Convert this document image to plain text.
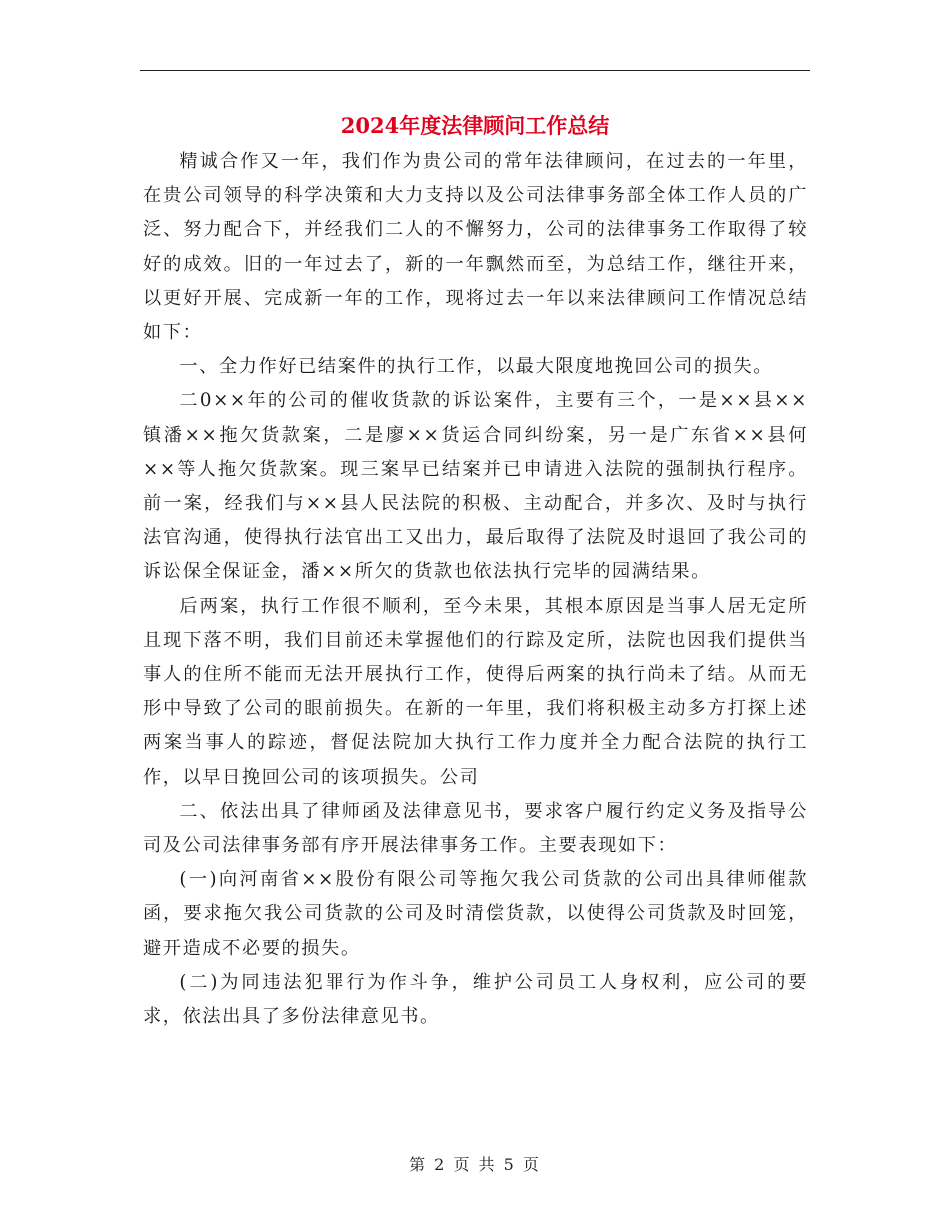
2024年度法律顾问工作总结

精诚合作又一年，我们作为贵公司的常年法律顾问，在过去的一年里，在贵公司领导的科学决策和大力支持以及公司法律事务部全体工作人员的广泛、努力配合下，并经我们二人的不懈努力，公司的法律事务工作取得了较好的成效。旧的一年过去了，新的一年飘然而至，为总结工作，继往开来，以更好开展、完成新一年的工作，现将过去一年以来法律顾问工作情况总结如下：

一、全力作好已结案件的执行工作，以最大限度地挽回公司的损失。

二0××年的公司的催收货款的诉讼案件，主要有三个，一是××县××镇潘××拖欠货款案，二是廖××货运合同纠纷案，另一是广东省××县何××等人拖欠货款案。现三案早已结案并已申请进入法院的强制执行程序。前一案，经我们与××县人民法院的积极、主动配合，并多次、及时与执行法官沟通，使得执行法官出工又出力，最后取得了法院及时退回了我公司的诉讼保全保证金，潘××所欠的货款也依法执行完毕的园满结果。

后两案，执行工作很不顺利，至今未果，其根本原因是当事人居无定所且现下落不明，我们目前还未掌握他们的行踪及定所，法院也因我们提供当事人的住所不能而无法开展执行工作，使得后两案的执行尚未了结。从而无形中导致了公司的眼前损失。在新的一年里，我们将积极主动多方打探上述两案当事人的踪迹，督促法院加大执行工作力度并全力配合法院的执行工作，以早日挽回公司的该项损失。公司

二、依法出具了律师函及法律意见书，要求客户履行约定义务及指导公司及公司法律事务部有序开展法律事务工作。主要表现如下：

(一)向河南省××股份有限公司等拖欠我公司货款的公司出具律师催款函，要求拖欠我公司货款的公司及时清偿货款，以使得公司货款及时回笼，避开造成不必要的损失。

(二)为同违法犯罪行为作斗争，维护公司员工人身权利，应公司的要求，依法出具了多份法律意见书。

第 2 页 共 5 页
